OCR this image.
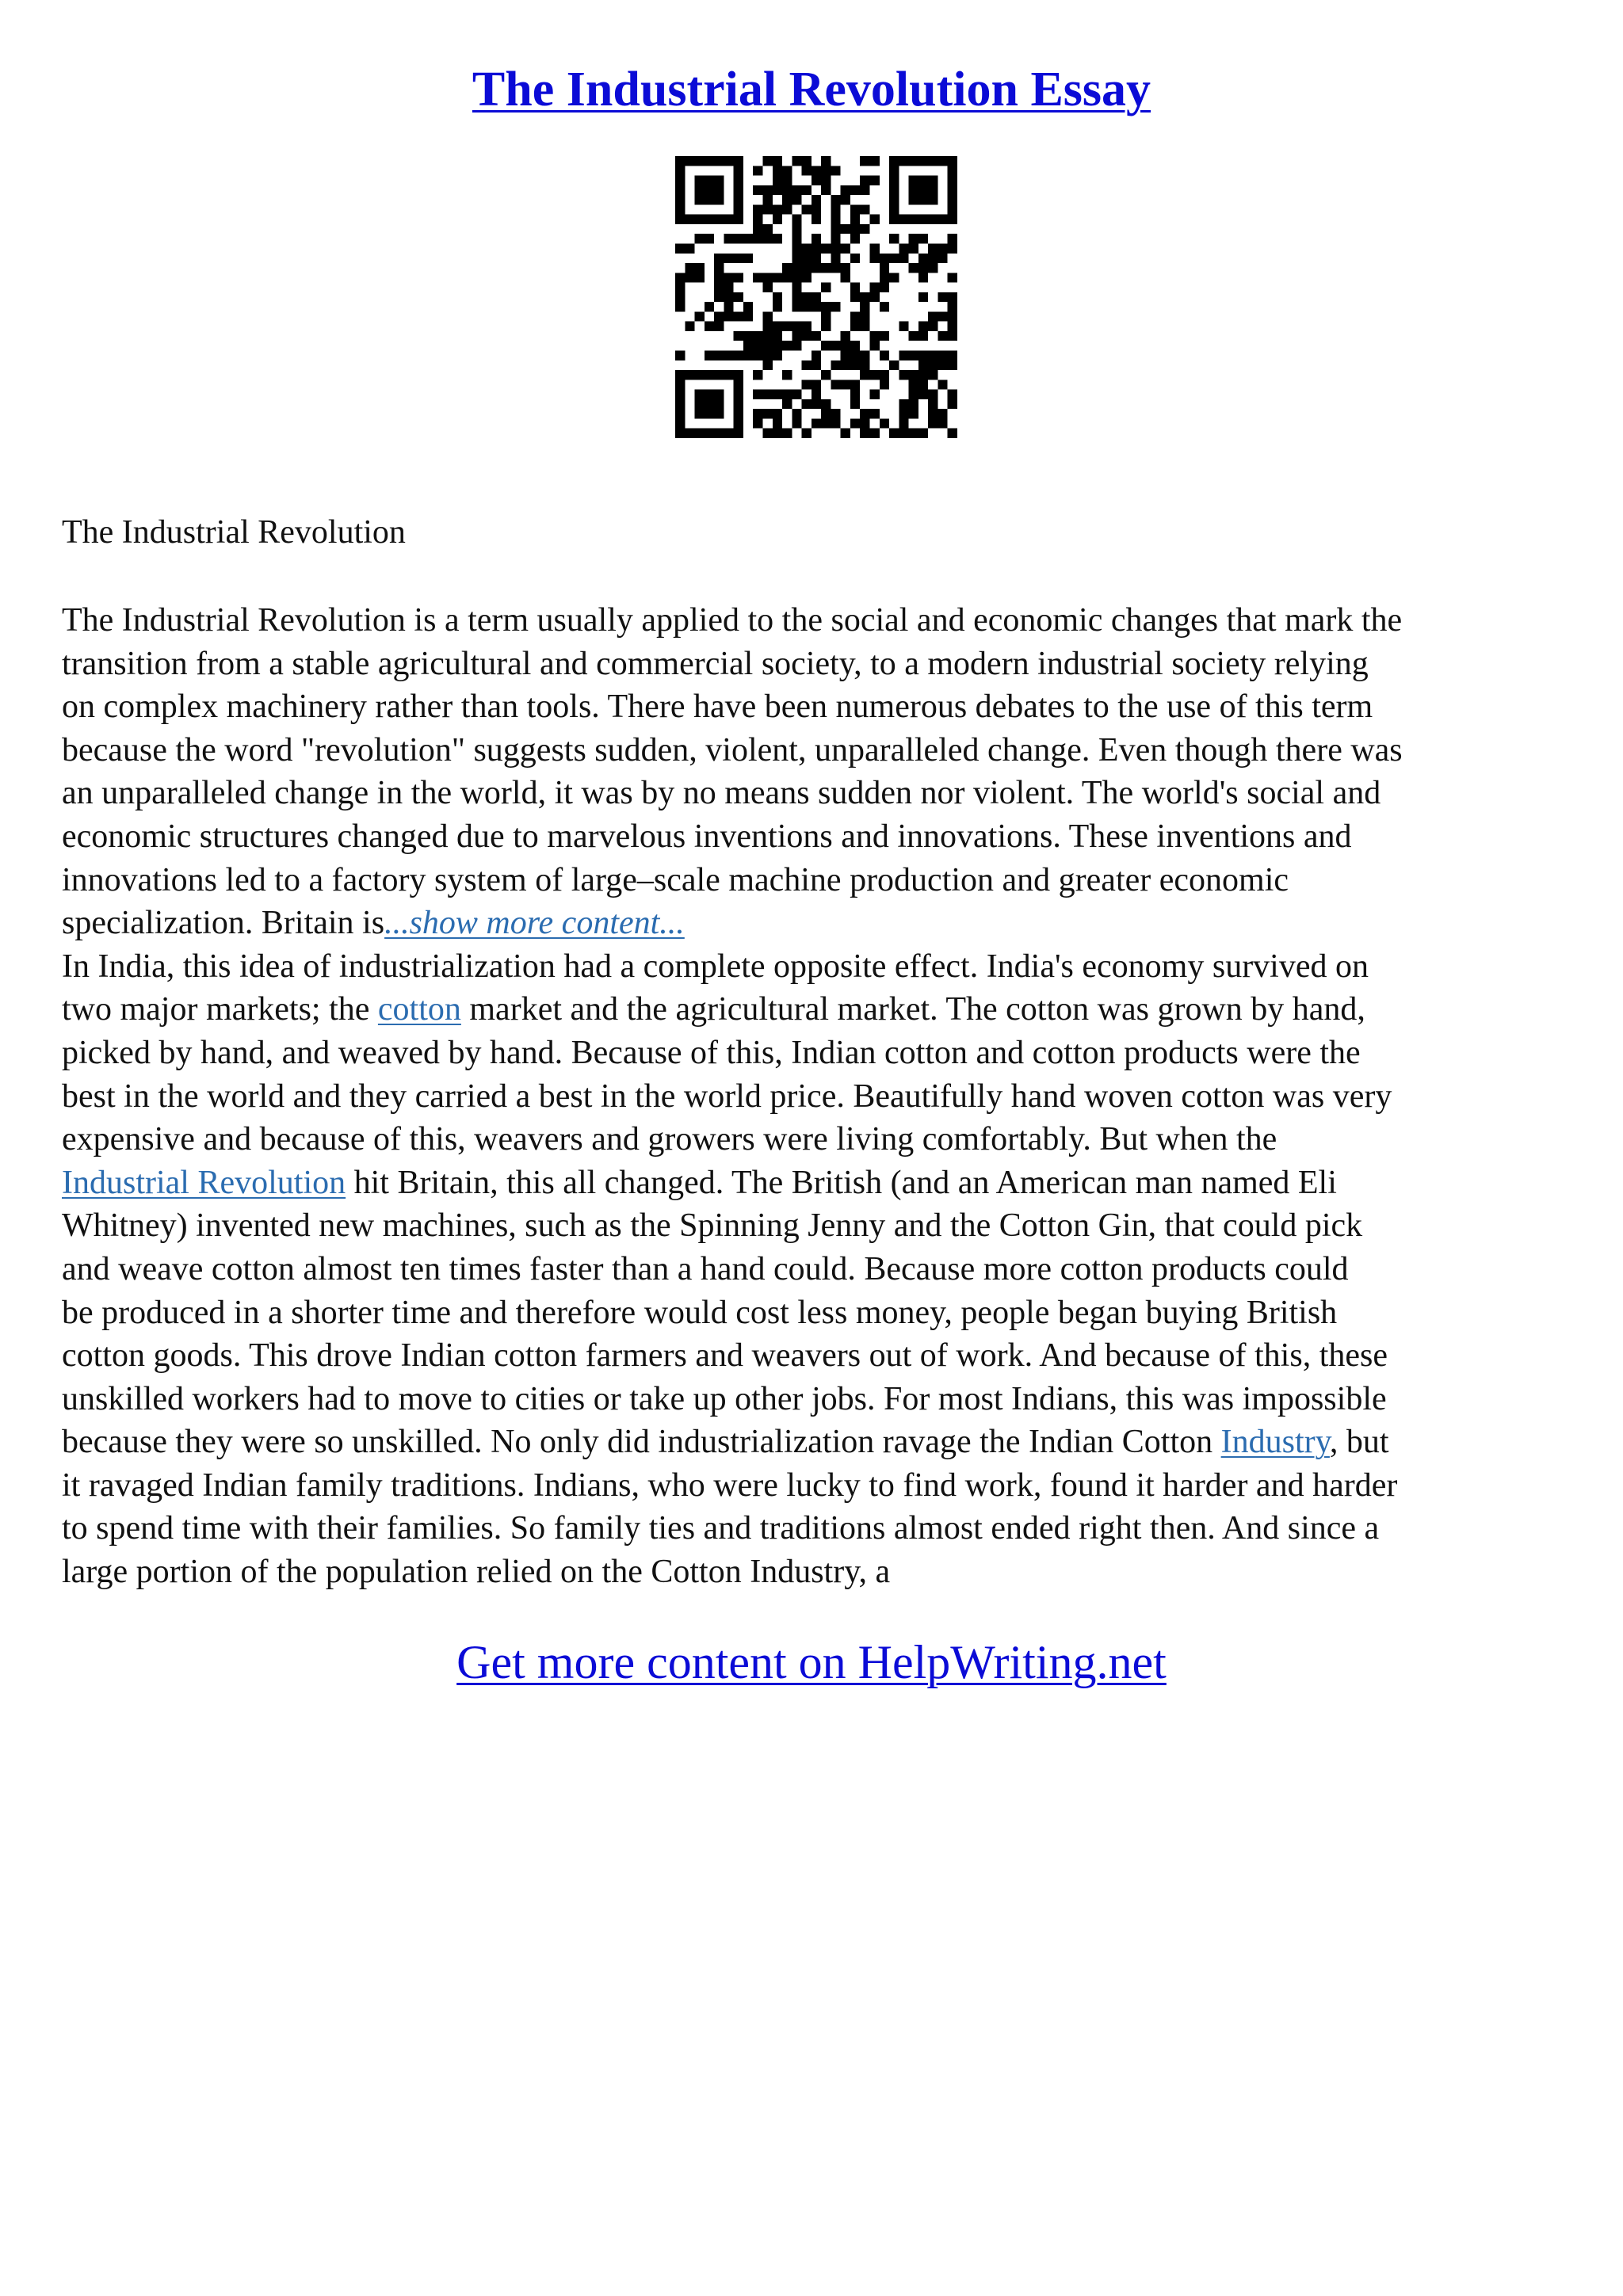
The Industrial Revolution Essay
The Industrial Revolution
The Industrial Revolution is a term usually applied to the social and economic changes that mark the
transition from a stable agricultural and commercial society, to a modern industrial society relying
on complex machinery rather than tools. There have been numerous debates to the use of this term
because the word "revolution" suggests sudden, violent, unparalleled change. Even though there was
an unparalleled change in the world, it was by no means sudden nor violent. The world's social and
economic structures changed due to marvelous inventions and innovations. These inventions and
innovations led to a factory system of large–scale machine production and greater economic
specialization. Britain is...show more content...
In India, this idea of industrialization had a complete opposite effect. India's economy survived on
two major markets; the cotton market and the agricultural market. The cotton was grown by hand,
picked by hand, and weaved by hand. Because of this, Indian cotton and cotton products were the
best in the world and they carried a best in the world price. Beautifully hand woven cotton was very
expensive and because of this, weavers and growers were living comfortably. But when the
Industrial Revolution hit Britain, this all changed. The British (and an American man named Eli
Whitney) invented new machines, such as the Spinning Jenny and the Cotton Gin, that could pick
and weave cotton almost ten times faster than a hand could. Because more cotton products could
be produced in a shorter time and therefore would cost less money, people began buying British
cotton goods. This drove Indian cotton farmers and weavers out of work. And because of this, these
unskilled workers had to move to cities or take up other jobs. For most Indians, this was impossible
because they were so unskilled. No only did industrialization ravage the Indian Cotton Industry, but
it ravaged Indian family traditions. Indians, who were lucky to find work, found it harder and harder
to spend time with their families. So family ties and traditions almost ended right then. And since a
large portion of the population relied on the Cotton Industry, a
Get more content on HelpWriting.net
